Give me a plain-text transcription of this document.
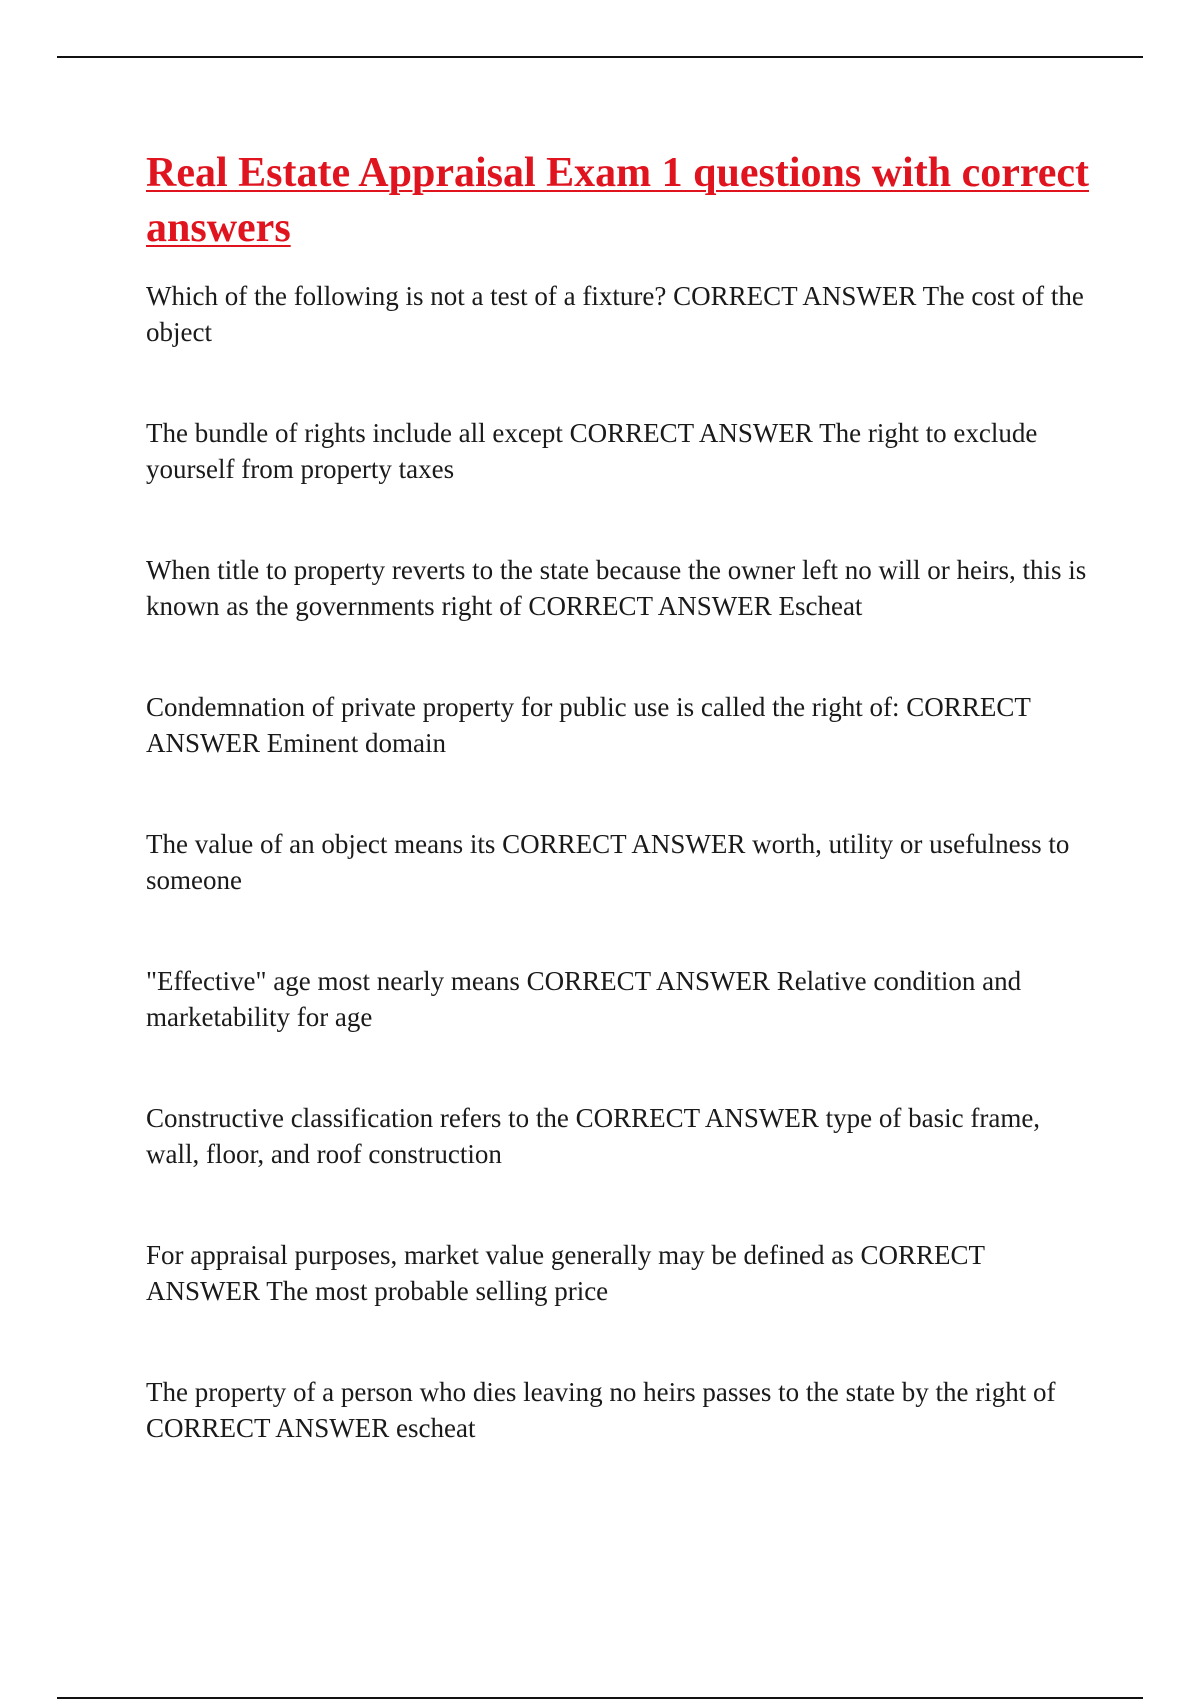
Real Estate Appraisal Exam 1 questions with correct answers
Which of the following is not a test of a fixture? CORRECT ANSWER The cost of the object
The bundle of rights include all except CORRECT ANSWER The right to exclude yourself from property taxes
When title to property reverts to the state because the owner left no will or heirs, this is known as the governments right of CORRECT ANSWER Escheat
Condemnation of private property for public use is called the right of: CORRECT ANSWER Eminent domain
The value of an object means its CORRECT ANSWER worth, utility or usefulness to someone
"Effective" age most nearly means CORRECT ANSWER Relative condition and marketability for age
Constructive classification refers to the CORRECT ANSWER type of basic frame, wall, floor, and roof construction
For appraisal purposes, market value generally may be defined as CORRECT ANSWER The most probable selling price
The property of a person who dies leaving no heirs passes to the state by the right of CORRECT ANSWER escheat
